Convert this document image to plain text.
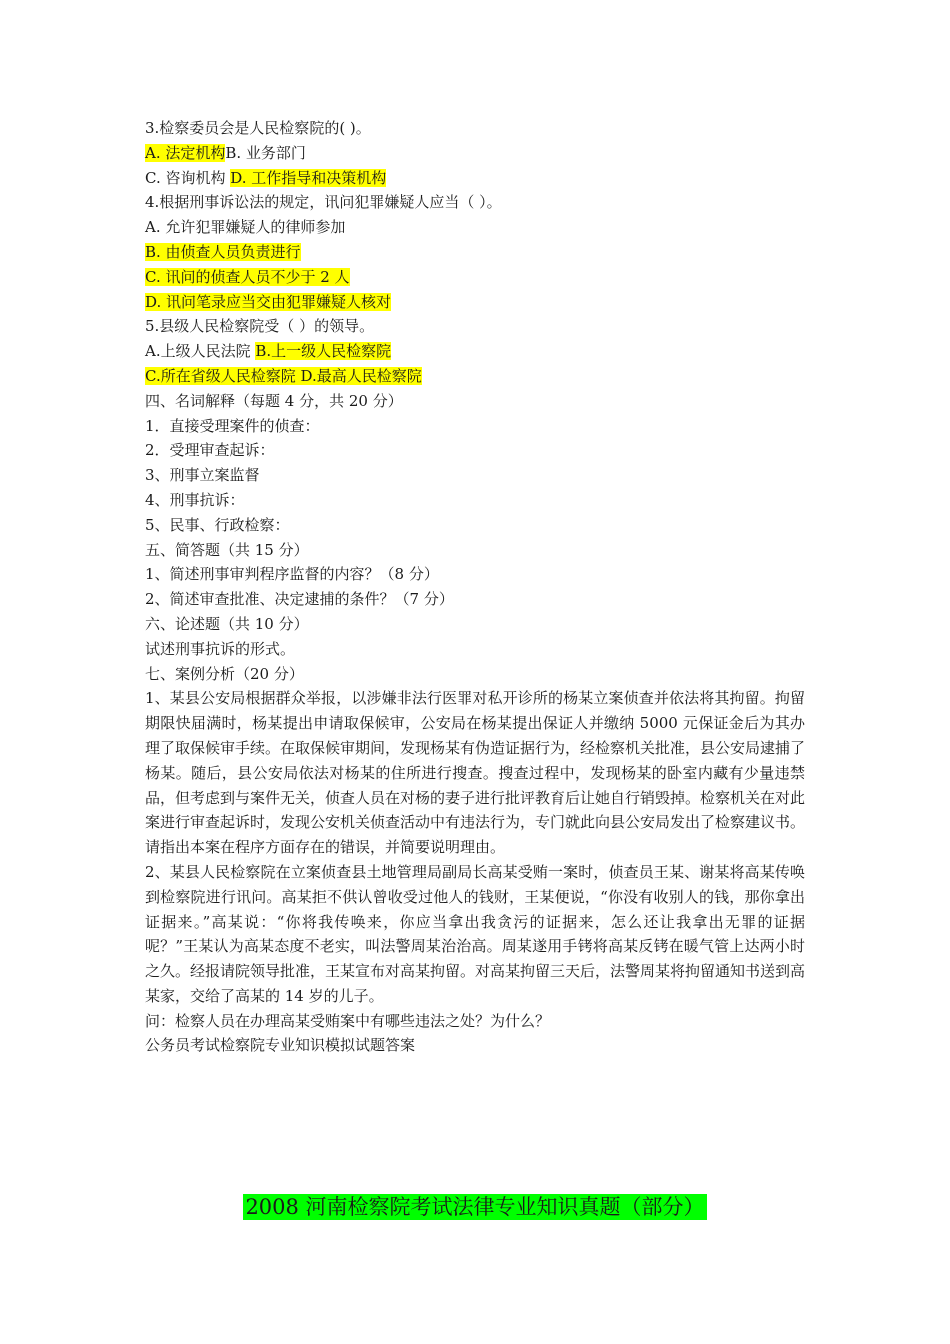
3.检察委员会是人民检察院的( )。
A. 法定机构B. 业务部门
C. 咨询机构 D. 工作指导和决策机构
4.根据刑事诉讼法的规定，讯问犯罪嫌疑人应当（ ）。
A. 允许犯罪嫌疑人的律师参加
B. 由侦查人员负责进行
C. 讯问的侦查人员不少于 2 人
D. 讯问笔录应当交由犯罪嫌疑人核对
5.县级人民检察院受（ ）的领导。
A.上级人民法院 B.上一级人民检察院
C.所在省级人民检察院 D.最高人民检察院
四、名词解释（每题 4 分，共 20 分）
1．直接受理案件的侦查：
2．受理审查起诉：
3、刑事立案监督
4、刑事抗诉：
5、民事、行政检察：
五、简答题（共 15 分）
1、简述刑事审判程序监督的内容？（8 分）
2、简述审查批准、决定逮捕的条件？（7 分）
六、论述题（共 10 分）
试述刑事抗诉的形式。
七、案例分析（20 分）
1、某县公安局根据群众举报，以涉嫌非法行医罪对私开诊所的杨某立案侦查并依法将其拘留。拘留期限快届满时，杨某提出申请取保候审，公安局在杨某提出保证人并缴纳 5000 元保证金后为其办理了取保候审手续。在取保候审期间，发现杨某有伪造证据行为，经检察机关批准，县公安局逮捕了杨某。随后，县公安局依法对杨某的住所进行搜查。搜查过程中，发现杨某的卧室内藏有少量违禁品，但考虑到与案件无关，侦查人员在对杨的妻子进行批评教育后让她自行销毁掉。检察机关在对此案进行审查起诉时，发现公安机关侦查活动中有违法行为，专门就此向县公安局发出了检察建议书。
请指出本案在程序方面存在的错误，并简要说明理由。
2、某县人民检察院在立案侦查县土地管理局副局长高某受贿一案时，侦查员王某、谢某将高某传唤到检察院进行讯问。高某拒不供认曾收受过他人的钱财，王某便说，“你没有收别人的钱，那你拿出证据来。”高某说：“你将我传唤来，你应当拿出我贪污的证据来，怎么还让我拿出无罪的证据呢？”王某认为高某态度不老实，叫法警周某治治高。周某遂用手铐将高某反铐在暖气管上达两小时之久。经报请院领导批准，王某宣布对高某拘留。对高某拘留三天后，法警周某将拘留通知书送到高某家，交给了高某的 14 岁的儿子。
问：检察人员在办理高某受贿案中有哪些违法之处？为什么？
公务员考试检察院专业知识模拟试题答案
2008 河南检察院考试法律专业知识真题（部分）
